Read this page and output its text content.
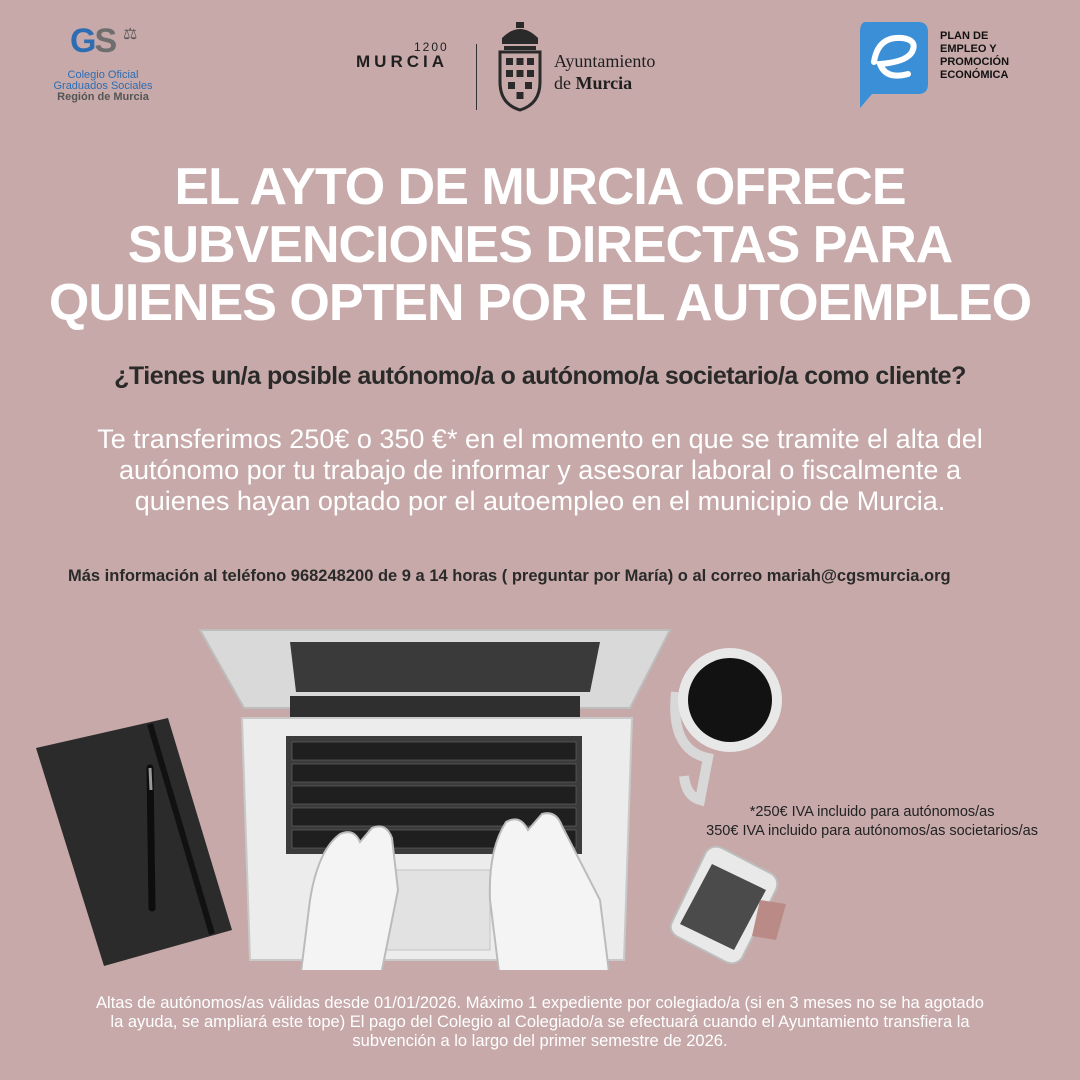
GS ⚖
Colegio Oficial
Graduados Sociales
Región de Murcia
1200
MURCIA	Ayuntamiento
de Murcia
PLAN DE
EMPLEO Y
PROMOCIÓN
ECONÓMICA
EL AYTO DE MURCIA OFRECE
SUBVENCIONES DIRECTAS PARA
QUIENES OPTEN POR EL AUTOEMPLEO
¿Tienes un/a posible autónomo/a o autónomo/a societario/a como cliente?
Te transferimos 250€ o 350 €* en el momento en que se tramite el alta del
autónomo por tu trabajo de informar y asesorar laboral o fiscalmente a
quienes hayan optado por el autoempleo en el municipio de Murcia.
Más información al teléfono 968248200 de 9 a 14 horas ( preguntar por María) o al correo mariah@cgsmurcia.org
*250€ IVA incluido para autónomos/as
350€ IVA incluido para autónomos/as societarios/as
Altas de autónomos/as válidas desde 01/01/2026. Máximo 1 expediente por colegiado/a (si en 3 meses no se ha agotado
la ayuda, se ampliará este tope) El pago del Colegio al Colegiado/a se efectuará cuando el Ayuntamiento transfiera la
subvención a lo largo del primer semestre de 2026.
